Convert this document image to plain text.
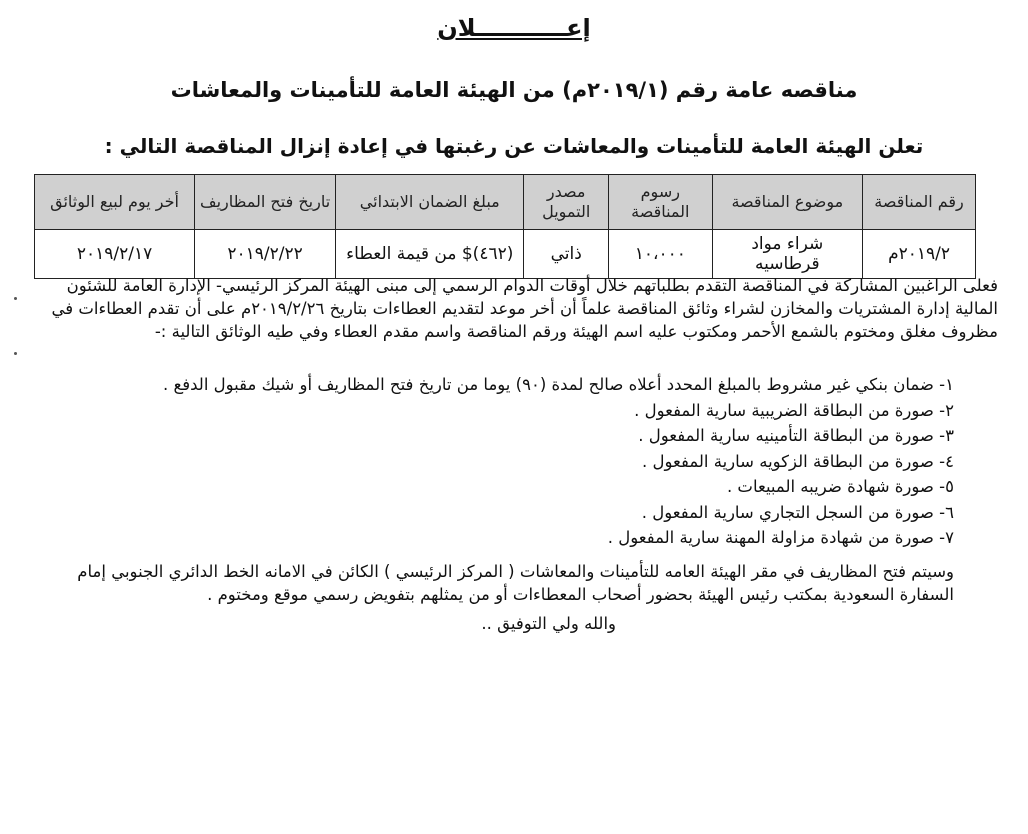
إعـــــــــــلان
مناقصه عامة رقم (٢٠١٩/١م) من الهيئة العامة للتأمينات والمعاشات
تعلن الهيئة العامة للتأمينات والمعاشات عن رغبتها في إعادة إنزال المناقصة التالي :
رقم المناقصة	موضوع المناقصة	رسوم المناقصة	مصدر التمويل	مبلغ الضمان الابتدائي	تاريخ فتح المظاريف	أخر يوم لبيع الوثائق
٢٠١٩/٢م	شراء مواد قرطاسيه	١٠،٠٠٠	ذاتي	(٤٦٢)$ من قيمة العطاء	٢٠١٩/٢/٢٢	٢٠١٩/٢/١٧
فعلى الراغبين المشاركة في المناقصة التقدم بطلباتهم خلال أوقات الدوام الرسمي إلى مبنى الهيئة المركز الرئيسي- الإدارة العامة للشئون المالية إدارة المشتريات والمخازن لشراء وثائق المناقصة علماً أن أخر موعد لتقديم العطاءات بتاريخ ٢٠١٩/٢/٢٦م على أن تقدم العطاءات في مظروف مغلق ومختوم بالشمع الأحمر ومكتوب عليه اسم الهيئة ورقم المناقصة واسم مقدم العطاء وفي طيه الوثائق التالية :-
١- ضمان بنكي غير مشروط بالمبلغ المحدد أعلاه صالح لمدة (٩٠) يوما من تاريخ فتح المظاريف أو شيك مقبول الدفع .
٢- صورة من البطاقة الضريبية سارية المفعول .
٣- صورة من البطاقة التأمينيه سارية المفعول .
٤- صورة من البطاقة الزكويه سارية المفعول .
٥- صورة شهادة ضريبه المبيعات .
٦- صورة من السجل التجاري سارية المفعول .
٧- صورة من شهادة مزاولة المهنة سارية المفعول .
وسيتم فتح المظاريف في مقر الهيئة العامه للتأمينات والمعاشات ( المركز الرئيسي ) الكائن في الامانه الخط الدائري الجنوبي إمام السفارة السعودية بمكتب رئيس الهيئة بحضور أصحاب المعطاءات أو من يمثلهم بتفويض رسمي موقع ومختوم .
والله ولي التوفيق ..
